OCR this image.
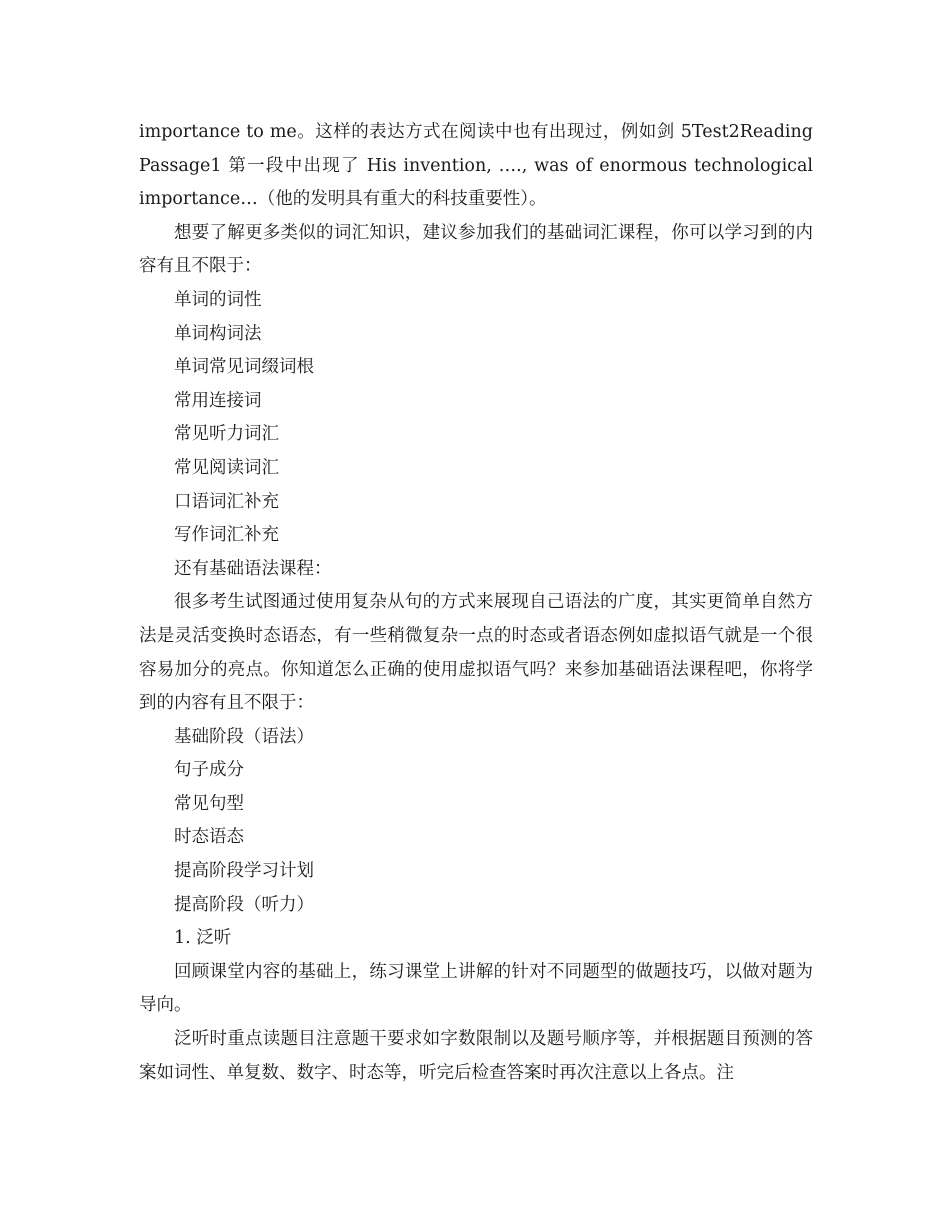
importance to me。这样的表达方式在阅读中也有出现过，例如剑 5Test2Reading Passage1 第一段中出现了 His invention, …., was of enormous technological importance…（他的发明具有重大的科技重要性）。

想要了解更多类似的词汇知识，建议参加我们的基础词汇课程，你可以学习到的内容有且不限于：

单词的词性

单词构词法

单词常见词缀词根

常用连接词

常见听力词汇

常见阅读词汇

口语词汇补充

写作词汇补充

还有基础语法课程：

很多考生试图通过使用复杂从句的方式来展现自己语法的广度，其实更简单自然方法是灵活变换时态语态，有一些稍微复杂一点的时态或者语态例如虚拟语气就是一个很容易加分的亮点。你知道怎么正确的使用虚拟语气吗？来参加基础语法课程吧，你将学到的内容有且不限于：

基础阶段（语法）

句子成分

常见句型

时态语态

提高阶段学习计划

提高阶段（听力）

1. 泛听

回顾课堂内容的基础上，练习课堂上讲解的针对不同题型的做题技巧，以做对题为导向。

泛听时重点读题目注意题干要求如字数限制以及题号顺序等，并根据题目预测的答案如词性、单复数、数字、时态等，听完后检查答案时再次注意以上各点。注
